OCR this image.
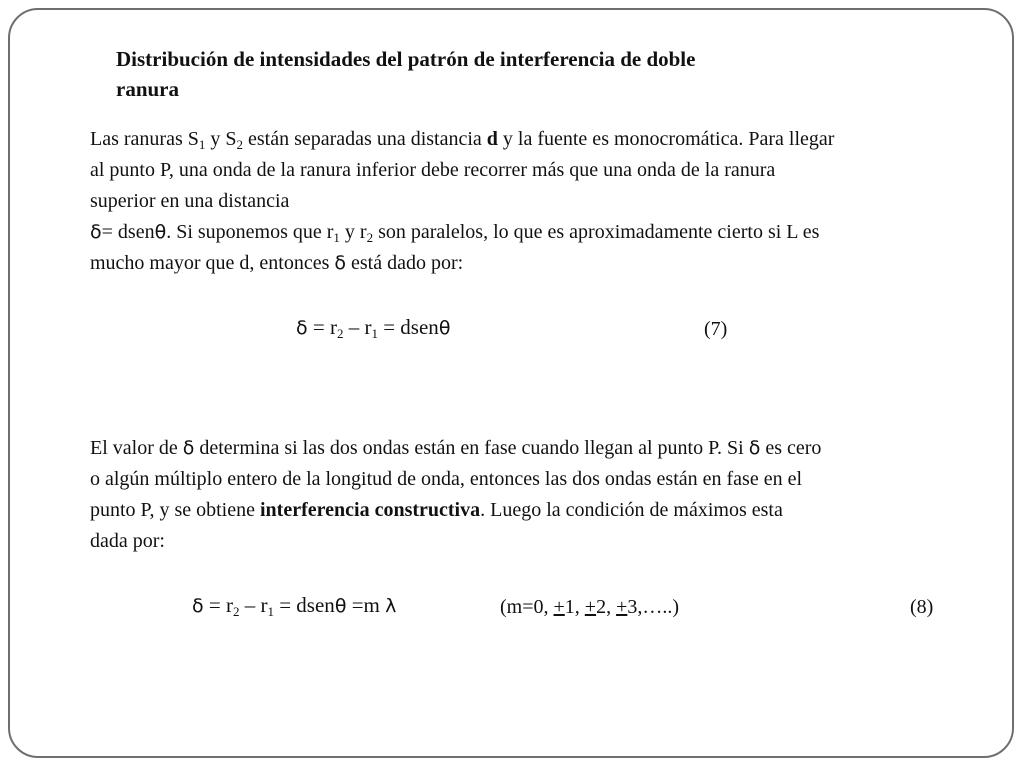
Distribución de intensidades del patrón de interferencia de doble
ranura
Las ranuras $S_1$ y $S_2$ están separadas una distancia d y la fuente es monocromática. Para llegar
al punto P, una onda de la ranura inferior debe recorrer más que una onda de la ranura
superior en una distancia
δ= dsenθ. Si suponemos que $r_1$ y $r_2$ son paralelos, lo que es aproximadamente cierto si L es
mucho mayor que d, entonces δ está dado por:
$\delta = r_2 - r_1$ = dsenθ	(7)
El valor de δ determina si las dos ondas están en fase cuando llegan al punto P. Si δ es cero
o algún múltiplo entero de la longitud de onda, entonces las dos ondas están en fase en el
punto P, y se obtiene interferencia constructiva. Luego la condición de máximos esta
dada por:
$\delta = r_2 - r_1$ = dsenθ =m λ	(m=0, +1, +2, +3,…..)	(8)
